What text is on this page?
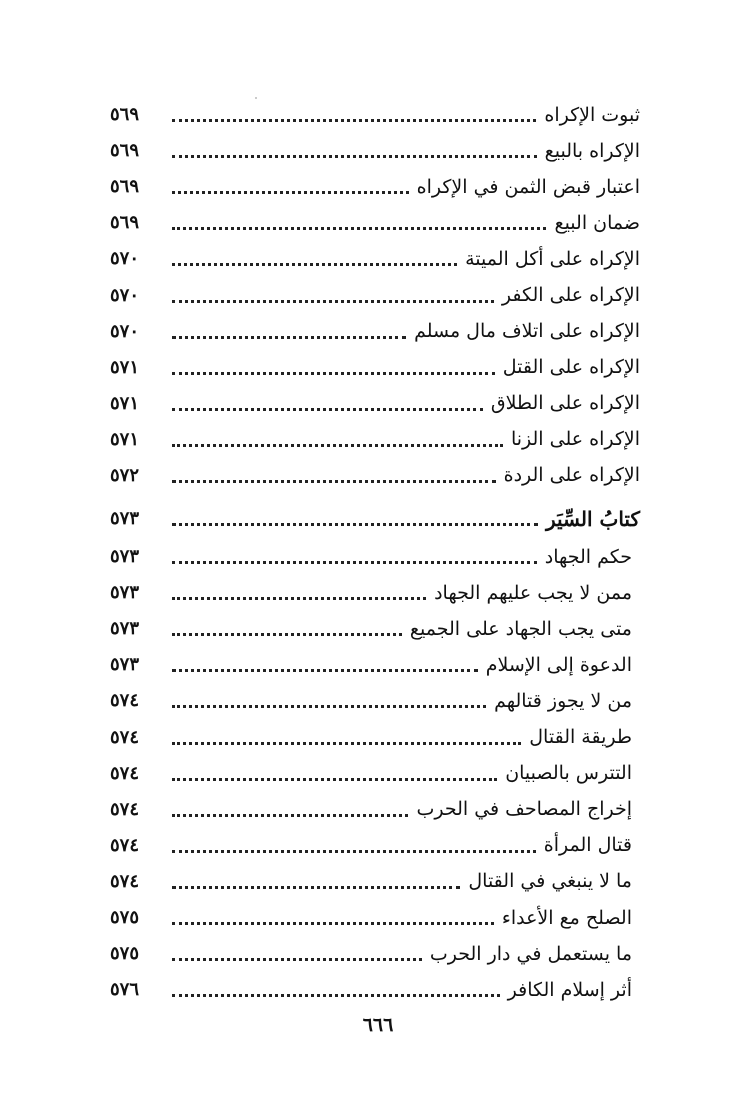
ثبوت الإكراه
٥٦٩
الإكراه بالبيع
٥٦٩
اعتبار قبض الثمن في الإكراه
٥٦٩
ضمان البيع
٥٦٩
الإكراه على أكل الميتة
٥٧٠
الإكراه على الكفر
٥٧٠
الإكراه على اتلاف مال مسلم
٥٧٠
الإكراه على القتل
٥٧١
الإكراه على الطلاق
٥٧١
الإكراه على الزنا
٥٧١
الإكراه على الردة
٥٧٢
كتابُ السِّيَر
٥٧٣
حكم الجهاد
٥٧٣
ممن لا يجب عليهم الجهاد
٥٧٣
متى يجب الجهاد على الجميع
٥٧٣
الدعوة إلى الإسلام
٥٧٣
من لا يجوز قتالهم
٥٧٤
طريقة القتال
٥٧٤
التترس بالصبيان
٥٧٤
إخراج المصاحف في الحرب
٥٧٤
قتال المرأة
٥٧٤
ما لا ينبغي في القتال
٥٧٤
الصلح مع الأعداء
٥٧٥
ما يستعمل في دار الحرب
٥٧٥
أثر إسلام الكافر
٥٧٦
٦٦٦
